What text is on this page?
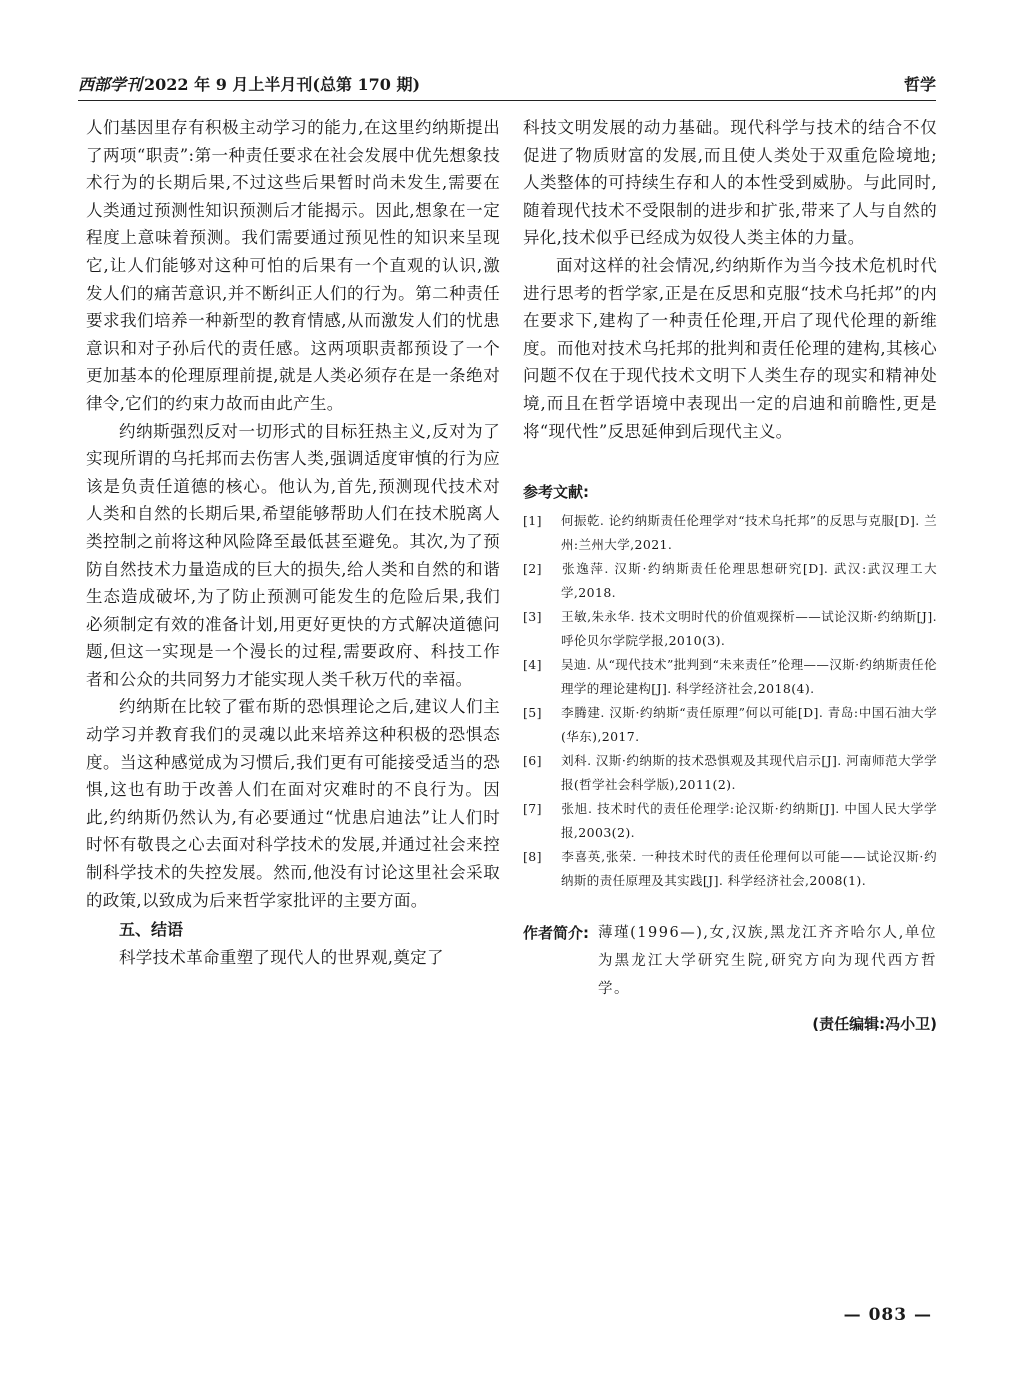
西部学刊 2022 年 9 月上半月刊(总第 170 期)	哲学

人们基因里存有积极主动学习的能力,在这里约纳斯提出了两项“职责”:第一种责任要求在社会发展中优先想象技术行为的长期后果,不过这些后果暂时尚未发生,需要在人类通过预测性知识预测后才能揭示。因此,想象在一定程度上意味着预测。我们需要通过预见性的知识来呈现它,让人们能够对这种可怕的后果有一个直观的认识,激发人们的痛苦意识,并不断纠正人们的行为。第二种责任要求我们培养一种新型的教育情感,从而激发人们的忧患意识和对子孙后代的责任感。这两项职责都预设了一个更加基本的伦理原理前提,就是人类必须存在是一条绝对律令,它们的约束力故而由此产生。

约纳斯强烈反对一切形式的目标狂热主义,反对为了实现所谓的乌托邦而去伤害人类,强调适度审慎的行为应该是负责任道德的核心。他认为,首先,预测现代技术对人类和自然的长期后果,希望能够帮助人们在技术脱离人类控制之前将这种风险降至最低甚至避免。其次,为了预防自然技术力量造成的巨大的损失,给人类和自然的和谐生态造成破坏,为了防止预测可能发生的危险后果,我们必须制定有效的准备计划,用更好更快的方式解决道德问题,但这一实现是一个漫长的过程,需要政府、科技工作者和公众的共同努力才能实现人类千秋万代的幸福。

约纳斯在比较了霍布斯的恐惧理论之后,建议人们主动学习并教育我们的灵魂以此来培养这种积极的恐惧态度。当这种感觉成为习惯后,我们更有可能接受适当的恐惧,这也有助于改善人们在面对灾难时的不良行为。因此,约纳斯仍然认为,有必要通过“忧患启迪法”让人们时时怀有敬畏之心去面对科学技术的发展,并通过社会来控制科学技术的失控发展。然而,他没有讨论这里社会采取的政策,以致成为后来哲学家批评的主要方面。

五、结语

科学技术革命重塑了现代人的世界观,奠定了

科技文明发展的动力基础。现代科学与技术的结合不仅促进了物质财富的发展,而且使人类处于双重危险境地;人类整体的可持续生存和人的本性受到威胁。与此同时,随着现代技术不受限制的进步和扩张,带来了人与自然的异化,技术似乎已经成为奴役人类主体的力量。

面对这样的社会情况,约纳斯作为当今技术危机时代进行思考的哲学家,正是在反思和克服“技术乌托邦”的内在要求下,建构了一种责任伦理,开启了现代伦理的新维度。而他对技术乌托邦的批判和责任伦理的建构,其核心问题不仅在于现代技术文明下人类生存的现实和精神处境,而且在哲学语境中表现出一定的启迪和前瞻性,更是将“现代性”反思延伸到后现代主义。

参考文献:
[1] 何振乾. 论约纳斯责任伦理学对“技术乌托邦”的反思与克服[D]. 兰州:兰州大学,2021.
[2] 张逸萍. 汉斯·约纳斯责任伦理思想研究[D]. 武汉:武汉理工大学,2018.
[3] 王敏,朱永华. 技术文明时代的价值观探析——试论汉斯·约纳斯[J]. 呼伦贝尔学院学报,2010(3).
[4] 吴迪. 从“现代技术”批判到“未来责任”伦理——汉斯·约纳斯责任伦理学的理论建构[J]. 科学经济社会,2018(4).
[5] 李腾建. 汉斯·约纳斯“责任原理”何以可能[D]. 青岛:中国石油大学(华东),2017.
[6] 刘科. 汉斯·约纳斯的技术恐惧观及其现代启示[J]. 河南师范大学学报(哲学社会科学版),2011(2).
[7] 张旭. 技术时代的责任伦理学:论汉斯·约纳斯[J]. 中国人民大学学报,2003(2).
[8] 李喜英,张荣. 一种技术时代的责任伦理何以可能——试论汉斯·约纳斯的责任原理及其实践[J]. 科学经济社会,2008(1).
作者简介: 薄瑾(1996—),女,汉族,黑龙江齐齐哈尔人,单位为黑龙江大学研究生院,研究方向为现代西方哲学。
(责任编辑:冯小卫)
— 083 —
